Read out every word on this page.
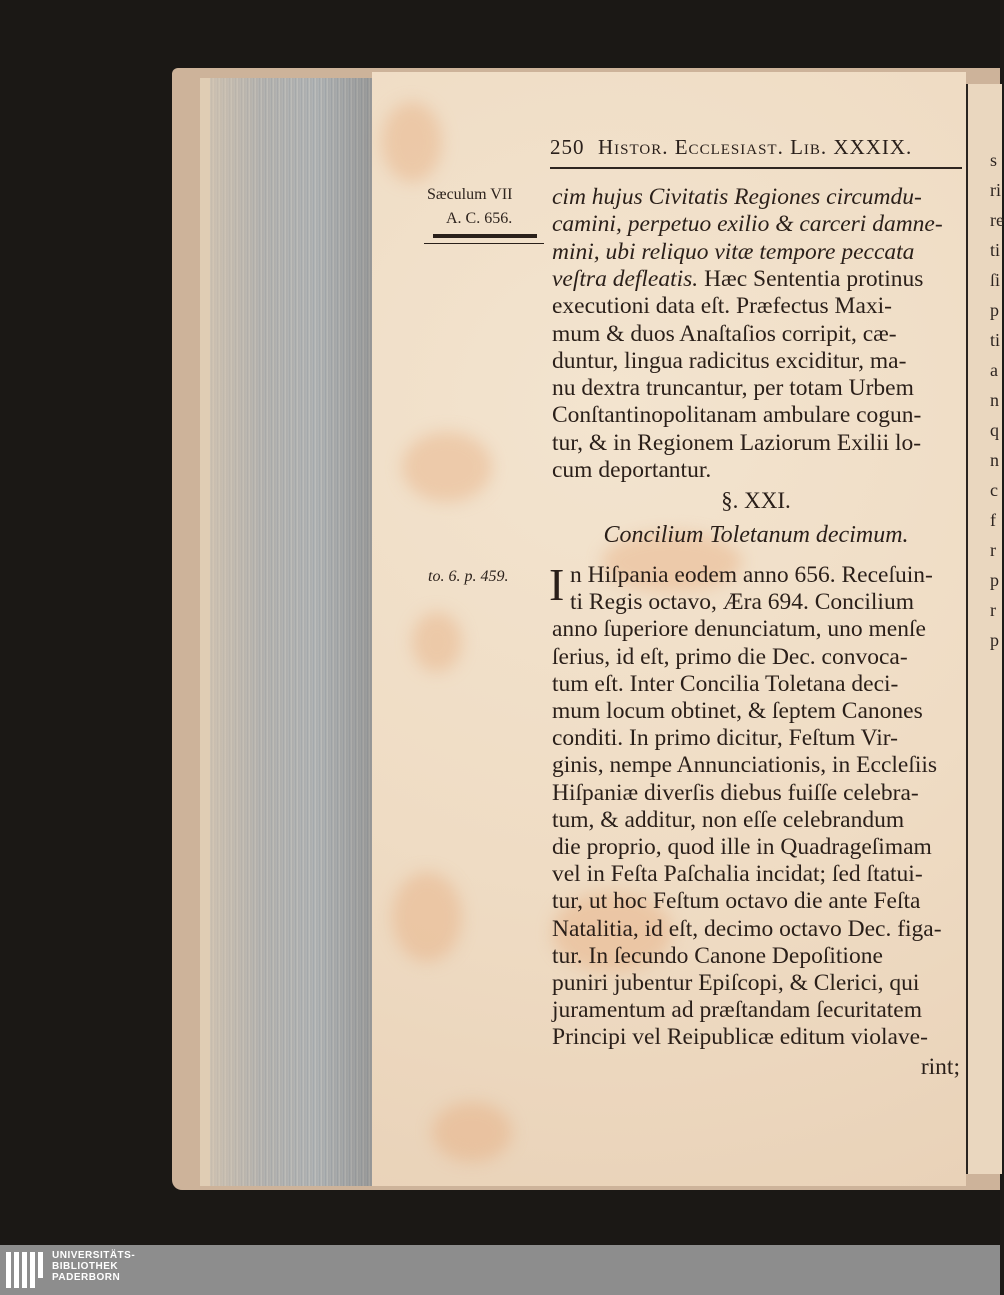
250 Histor. Ecclesiast. Lib. XXXIX.
Sæculum VII
A. C. 656.
to. 6. p. 459.
cim hujus Civitatis Regiones circumdu-
camini, perpetuo exilio & carceri damne-
mini, ubi reliquo vitæ tempore peccata
veſtra defleatis. Hæc Sententia protinus
executioni data eſt. Præfectus Maxi-
mum & duos Anaſtaſios corripit, cæ-
duntur, lingua radicitus exciditur, ma-
nu dextra truncantur, per totam Urbem
Conſtantinopolitanam ambulare cogun-
tur, & in Regionem Laziorum Exilii lo-
cum deportantur.
§. XXI.
Concilium Toletanum decimum.
I n Hiſpania eodem anno 656. Receſuin-
ti Regis octavo, Æra 694. Concilium
anno ſuperiore denunciatum, uno menſe
ſerius, id eſt, primo die Dec. convoca-
tum eſt. Inter Concilia Toletana deci-
mum locum obtinet, & ſeptem Canones
conditi. In primo dicitur, Feſtum Vir-
ginis, nempe Annunciationis, in Eccleſiis
Hiſpaniæ diverſis diebus fuiſſe celebra-
tum, & additur, non eſſe celebrandum
die proprio, quod ille in Quadrageſimam
vel in Feſta Paſchalia incidat; ſed ſtatui-
tur, ut hoc Feſtum octavo die ante Feſta
Natalitia, id eſt, decimo octavo Dec. figa-
tur. In ſecundo Canone Depoſitione
puniri jubentur Epiſcopi, & Clerici, qui
juramentum ad præſtandam ſecuritatem
Principi vel Reipublicæ editum violave-
rint;
s
ri
re
ti
ſi
p
ti
a
n
q
n
c
f
r
p
r
p
UNIVERSITÄTS-
BIBLIOTHEK
PADERBORN
